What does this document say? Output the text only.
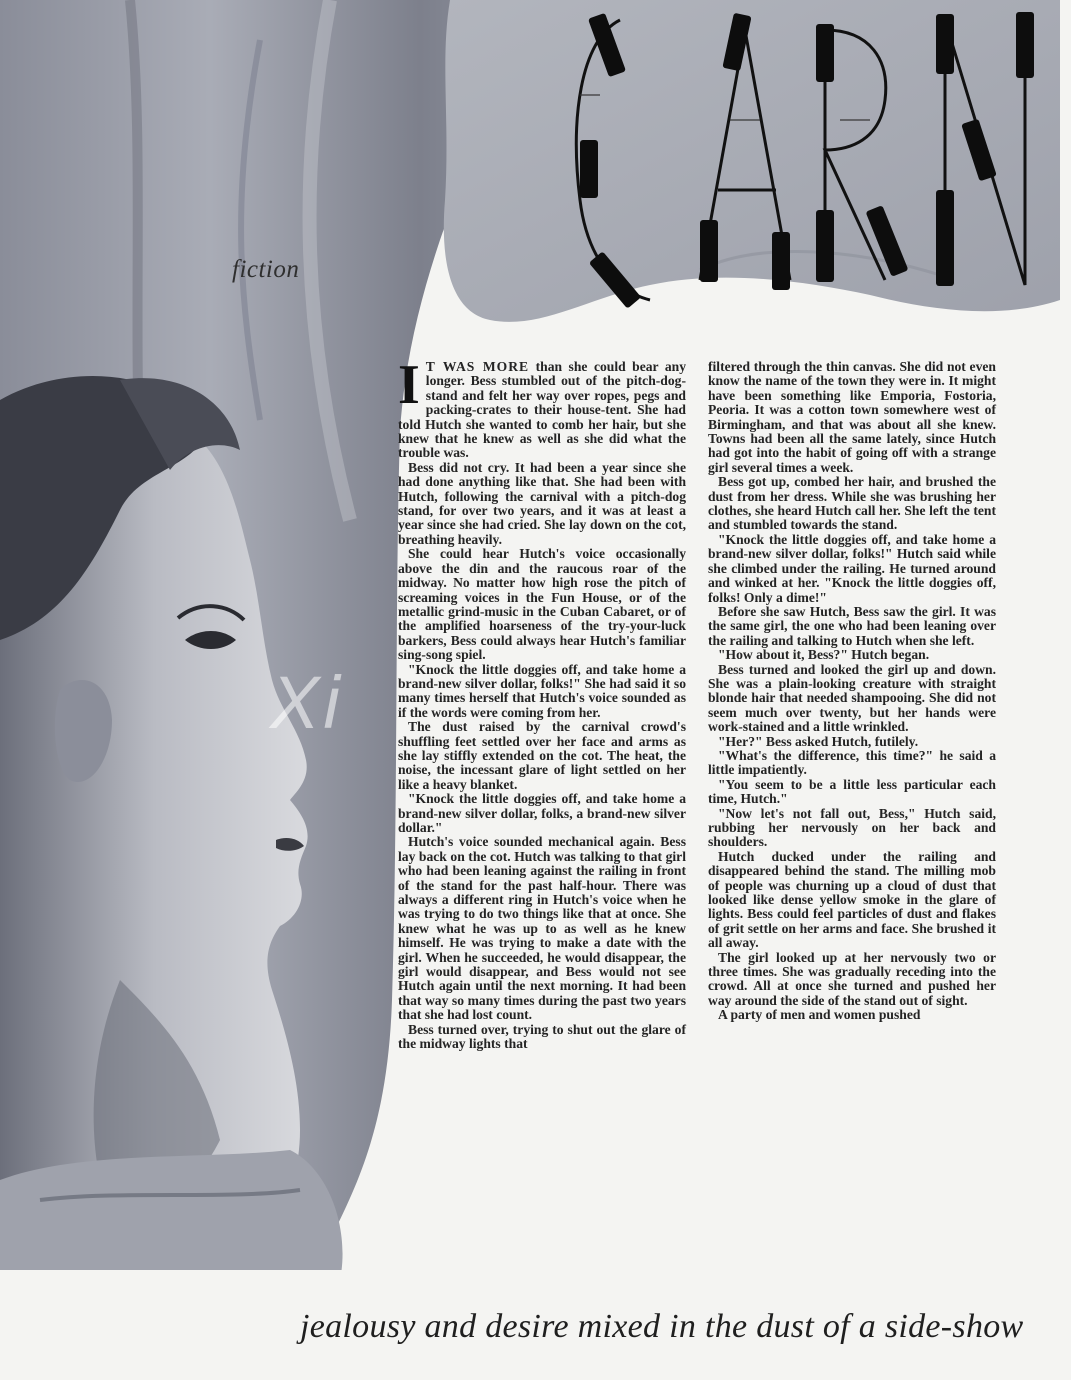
fiction
Xi

I T WAS MORE than she could bear any longer. Bess stumbled out of the pitch-dog-stand and felt her way over ropes, pegs and packing-crates to their house-tent. She had told Hutch she wanted to comb her hair, but she knew that he knew as well as she did what the trouble was.

Bess did not cry. It had been a year since she had done anything like that. She had been with Hutch, following the carnival with a pitch-dog stand, for over two years, and it was at least a year since she had cried. She lay down on the cot, breathing heavily.

She could hear Hutch's voice occasionally above the din and the raucous roar of the midway. No matter how high rose the pitch of screaming voices in the Fun House, or of the metallic grind-music in the Cuban Cabaret, or of the amplified hoarseness of the try-your-luck barkers, Bess could always hear Hutch's familiar sing-song spiel.

"Knock the little doggies off, and take home a brand-new silver dollar, folks!" She had said it so many times herself that Hutch's voice sounded as if the words were coming from her.

The dust raised by the carnival crowd's shuffling feet settled over her face and arms as she lay stiffly extended on the cot. The heat, the noise, the incessant glare of light settled on her like a heavy blanket.

"Knock the little doggies off, and take home a brand-new silver dollar, folks, a brand-new silver dollar."

Hutch's voice sounded mechanical again. Bess lay back on the cot. Hutch was talking to that girl who had been leaning against the railing in front of the stand for the past half-hour. There was always a different ring in Hutch's voice when he was trying to do two things like that at once. She knew what he was up to as well as he knew himself. He was trying to make a date with the girl. When he succeeded, he would disappear, the girl would disappear, and Bess would not see Hutch again until the next morning. It had been that way so many times during the past two years that she had lost count.

Bess turned over, trying to shut out the glare of the midway lights that

filtered through the thin canvas. She did not even know the name of the town they were in. It might have been something like Emporia, Fostoria, Peoria. It was a cotton town somewhere west of Birmingham, and that was about all she knew. Towns had been all the same lately, since Hutch had got into the habit of going off with a strange girl several times a week.

Bess got up, combed her hair, and brushed the dust from her dress. While she was brushing her clothes, she heard Hutch call her. She left the tent and stumbled towards the stand.

"Knock the little doggies off, and take home a brand-new silver dollar, folks!" Hutch said while she climbed under the railing. He turned around and winked at her. "Knock the little doggies off, folks! Only a dime!"

Before she saw Hutch, Bess saw the girl. It was the same girl, the one who had been leaning over the railing and talking to Hutch when she left.

"How about it, Bess?" Hutch began.

Bess turned and looked the girl up and down. She was a plain-looking creature with straight blonde hair that needed shampooing. She did not seem much over twenty, but her hands were work-stained and a little wrinkled.

"Her?" Bess asked Hutch, futilely.

"What's the difference, this time?" he said a little impatiently.

"You seem to be a little less particular each time, Hutch."

"Now let's not fall out, Bess," Hutch said, rubbing her nervously on her back and shoulders.

Hutch ducked under the railing and disappeared behind the stand. The milling mob of people was churning up a cloud of dust that looked like dense yellow smoke in the glare of lights. Bess could feel particles of dust and flakes of grit settle on her arms and face. She brushed it all away.

The girl looked up at her nervously two or three times. She was gradually receding into the crowd. All at once she turned and pushed her way around the side of the stand out of sight.

A party of men and women pushed

jealousy and desire mixed in the dust of a side-show
